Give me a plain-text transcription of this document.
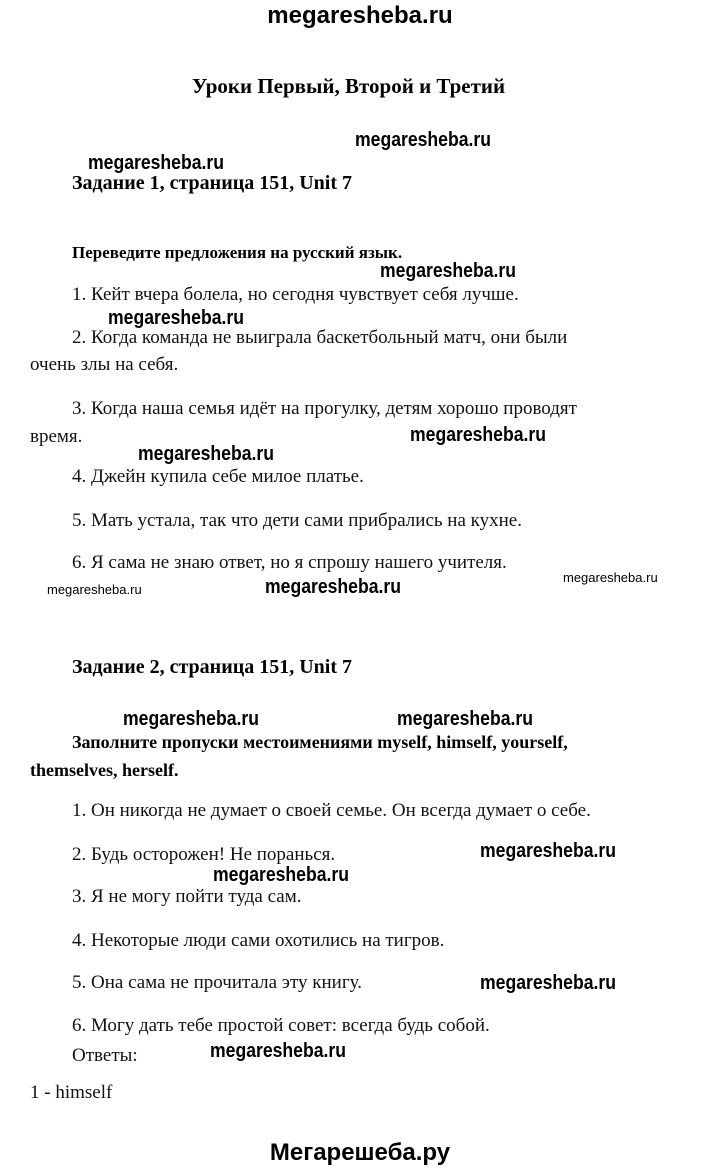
megaresheba.ru
Уроки Первый, Второй и Третий
megaresheba.ru
megaresheba.ru
Задание 1, страница 151, Unit 7
Переведите предложения на русский язык.
megaresheba.ru
1. Кейт вчера болела, но сегодня чувствует себя лучше.
megaresheba.ru
2. Когда команда не выиграла баскетбольный матч, они были
очень злы на себя.
3. Когда наша семья идёт на прогулку, детям хорошо проводят
время.	megaresheba.ru
megaresheba.ru
4. Джейн купила себе милое платье.
5. Мать устала, так что дети сами прибрались на кухне.
6. Я сама не знаю ответ, но я спрошу нашего учителя.
megaresheba.ru
megaresheba.ru	megaresheba.ru
Задание 2, страница 151, Unit 7
megaresheba.ru	megaresheba.ru
Заполните пропуски местоимениями myself, himself, yourself,
themselves, herself.
1. Он никогда не думает о своей семье. Он всегда думает о себе.
megaresheba.ru
2. Будь осторожен! Не поранься.
megaresheba.ru
3. Я не могу пойти туда сам.
4. Некоторые люди сами охотились на тигров.
5. Она сама не прочитала эту книгу.	megaresheba.ru
6. Могу дать тебе простой совет: всегда будь собой.
Ответы:	megaresheba.ru
1 - himself
Мегарешеба.ру
